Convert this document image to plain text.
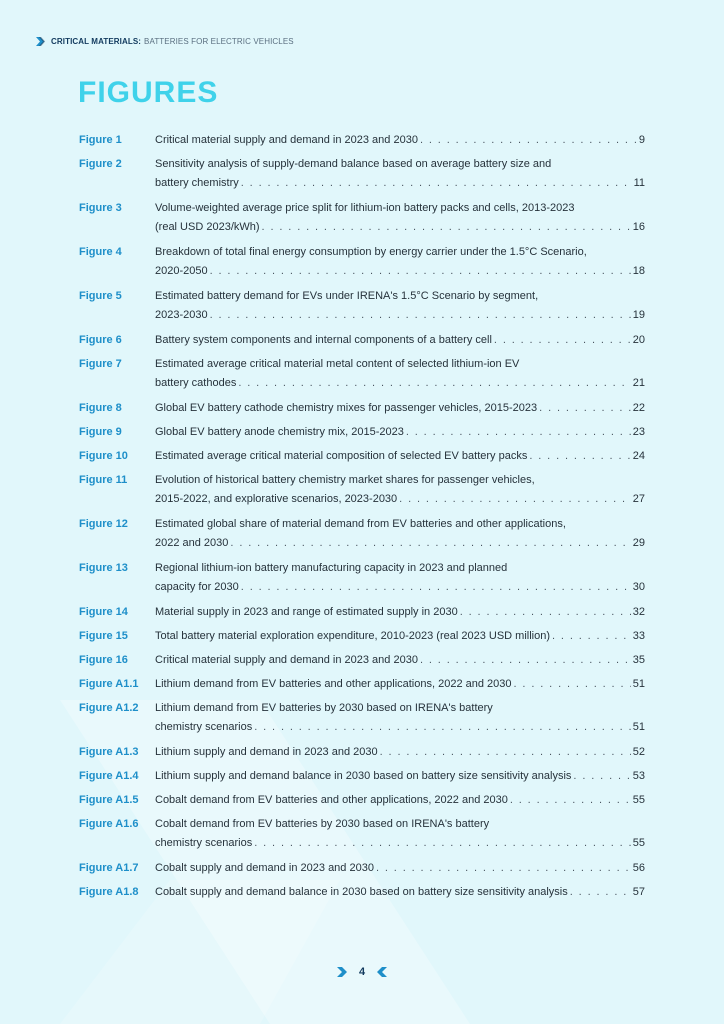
CRITICAL MATERIALS: BATTERIES FOR ELECTRIC VEHICLES
FIGURES
Figure 1	Critical material supply and demand in 2023 and 2030 . . .	9
Figure 2	Sensitivity analysis of supply-demand balance based on average battery size and
battery chemistry . . .	11
Figure 3	Volume-weighted average price split for lithium-ion battery packs and cells, 2013-2023
(real USD 2023/kWh) . . .	16
Figure 4	Breakdown of total final energy consumption by energy carrier under the 1.5°C Scenario,
2020-2050 . . .	18
Figure 5	Estimated battery demand for EVs under IRENA's 1.5°C Scenario by segment,
2023-2030 . . .	19
Figure 6	Battery system components and internal components of a battery cell . . .	20
Figure 7	Estimated average critical material metal content of selected lithium-ion EV
battery cathodes . . .	21
Figure 8	Global EV battery cathode chemistry mixes for passenger vehicles, 2015-2023 . . .	22
Figure 9	Global EV battery anode chemistry mix, 2015-2023 . . .	23
Figure 10	Estimated average critical material composition of selected EV battery packs . . .	24
Figure 11	Evolution of historical battery chemistry market shares for passenger vehicles,
2015-2022, and explorative scenarios, 2023-2030 . . .	27
Figure 12	Estimated global share of material demand from EV batteries and other applications,
2022 and 2030 . . .	29
Figure 13	Regional lithium-ion battery manufacturing capacity in 2023 and planned
capacity for 2030 . . .	30
Figure 14	Material supply in 2023 and range of estimated supply in 2030 . . .	32
Figure 15	Total battery material exploration expenditure, 2010-2023 (real 2023 USD million) . . .	33
Figure 16	Critical material supply and demand in 2023 and 2030 . . .	35
Figure A1.1	Lithium demand from EV batteries and other applications, 2022 and 2030 . . .	51
Figure A1.2	Lithium demand from EV batteries by 2030 based on IRENA's battery
chemistry scenarios . . .	51
Figure A1.3	Lithium supply and demand in 2023 and 2030 . . .	52
Figure A1.4	Lithium supply and demand balance in 2030 based on battery size sensitivity analysis . . .	53
Figure A1.5	Cobalt demand from EV batteries and other applications, 2022 and 2030 . . .	55
Figure A1.6	Cobalt demand from EV batteries by 2030 based on IRENA's battery
chemistry scenarios . . .	55
Figure A1.7	Cobalt supply and demand in 2023 and 2030 . . .	56
Figure A1.8	Cobalt supply and demand balance in 2030 based on battery size sensitivity analysis . . .	57
4
